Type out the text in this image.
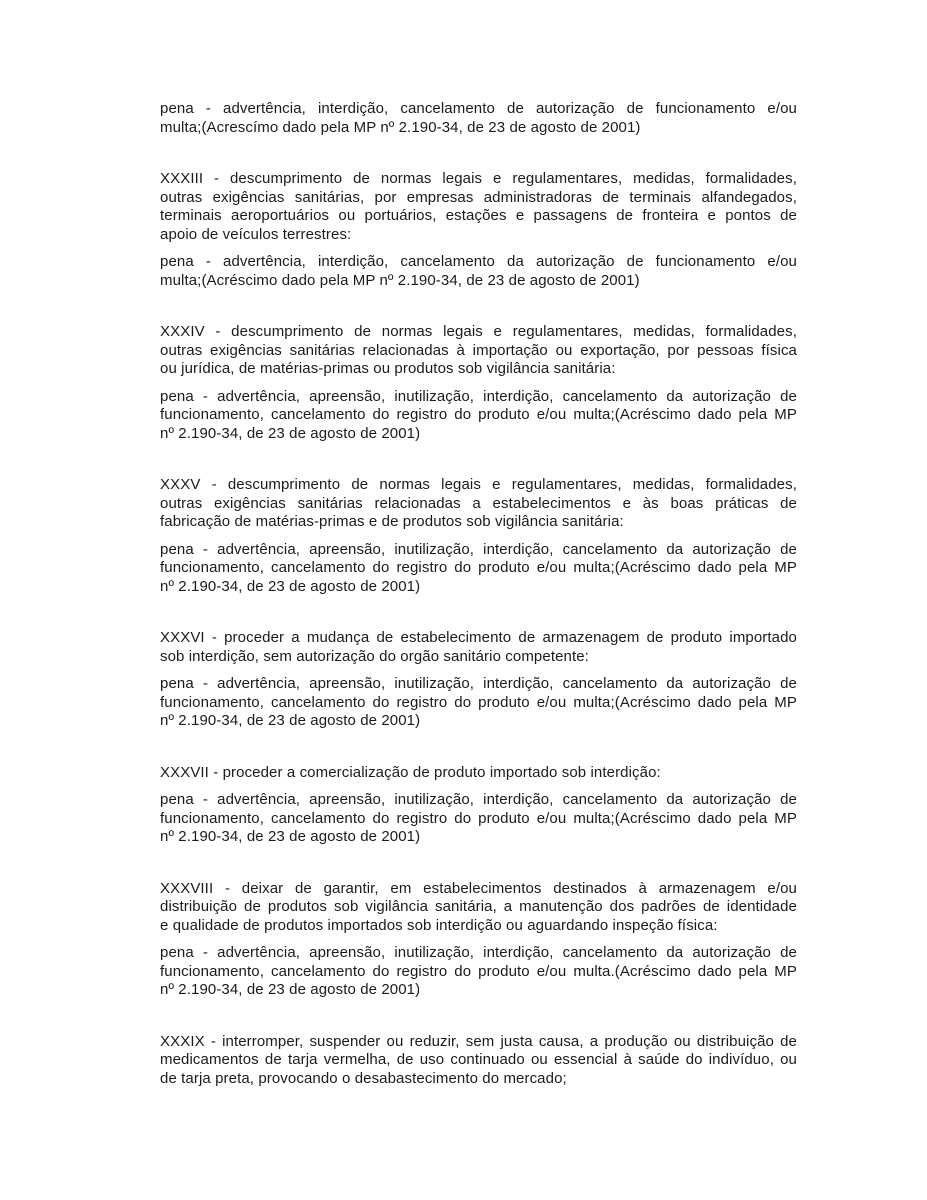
pena - advertência, interdição, cancelamento de autorização de funcionamento e/ou
multa;(Acrescímo dado pela MP nº 2.190-34, de 23 de agosto de 2001)
XXXIII - descumprimento de normas legais e regulamentares, medidas, formalidades,
outras exigências sanitárias, por empresas administradoras de terminais alfandegados,
terminais aeroportuários ou portuários, estações e passagens de fronteira e pontos de
apoio de veículos terrestres:
pena - advertência, interdição, cancelamento da autorização de funcionamento e/ou
multa;(Acréscimo dado pela MP nº 2.190-34, de 23 de agosto de 2001)
XXXIV - descumprimento de normas legais e regulamentares, medidas, formalidades,
outras exigências sanitárias relacionadas à importação ou exportação, por pessoas física
ou jurídica, de matérias-primas ou produtos sob vigilância sanitária:
pena - advertência, apreensão, inutilização, interdição, cancelamento da autorização de
funcionamento, cancelamento do registro do produto e/ou multa;(Acréscimo dado pela MP
nº 2.190-34, de 23 de agosto de 2001)
XXXV - descumprimento de normas legais e regulamentares, medidas, formalidades,
outras exigências sanitárias relacionadas a estabelecimentos e às boas práticas de
fabricação de matérias-primas e de produtos sob vigilância sanitária:
pena - advertência, apreensão, inutilização, interdição, cancelamento da autorização de
funcionamento, cancelamento do registro do produto e/ou multa;(Acréscimo dado pela MP
nº 2.190-34, de 23 de agosto de 2001)
XXXVI - proceder a mudança de estabelecimento de armazenagem de produto importado
sob interdição, sem autorização do orgão sanitário competente:
pena - advertência, apreensão, inutilização, interdição, cancelamento da autorização de
funcionamento, cancelamento do registro do produto e/ou multa;(Acréscimo dado pela MP
nº 2.190-34, de 23 de agosto de 2001)
XXXVII - proceder a comercialização de produto importado sob interdição:
pena - advertência, apreensão, inutilização, interdição, cancelamento da autorização de
funcionamento, cancelamento do registro do produto e/ou multa;(Acréscimo dado pela MP
nº 2.190-34, de 23 de agosto de 2001)
XXXVIII - deixar de garantir, em estabelecimentos destinados à armazenagem e/ou
distribuição de produtos sob vigilância sanitária, a manutenção dos padrões de identidade
e qualidade de produtos importados sob interdição ou aguardando inspeção física:
pena - advertência, apreensão, inutilização, interdição, cancelamento da autorização de
funcionamento, cancelamento do registro do produto e/ou multa.(Acréscimo dado pela MP
nº 2.190-34, de 23 de agosto de 2001)
XXXIX - interromper, suspender ou reduzir, sem justa causa, a produção ou distribuição de
medicamentos de tarja vermelha, de uso continuado ou essencial à saúde do indivíduo, ou
de tarja preta, provocando o desabastecimento do mercado;
